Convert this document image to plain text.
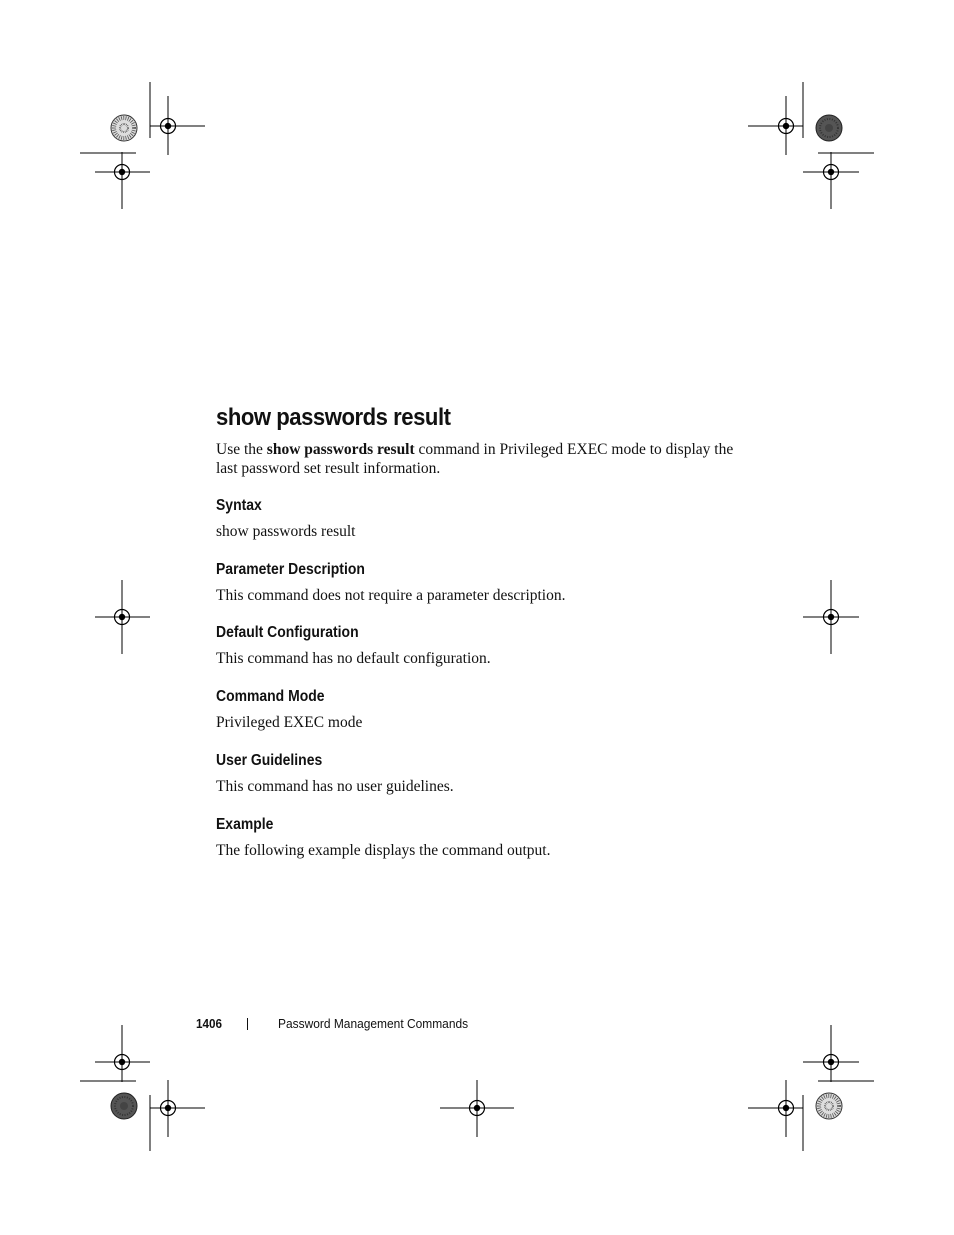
show passwords result

Use the show passwords result command in Privileged EXEC mode to display the last password set result information.

Syntax

show passwords result

Parameter Description

This command does not require a parameter description.

Default Configuration

This command has no default configuration.

Command Mode

Privileged EXEC mode

User Guidelines

This command has no user guidelines.

Example

The following example displays the command output.

1406	Password Management Commands
